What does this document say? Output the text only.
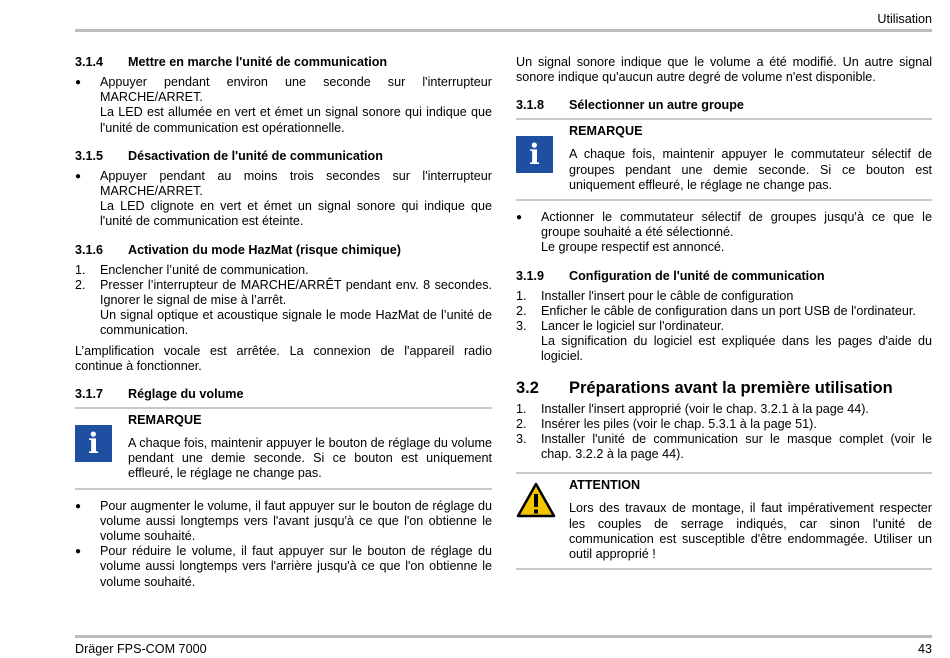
Utilisation
3.1.4	Mettre en marche l'unité de communication
●
Appuyer pendant environ une seconde sur l'interrupteur MARCHE/ARRET.
La LED est allumée en vert et émet un signal sonore qui indique que l'unité de communication est opérationnelle.
3.1.5	Désactivation de l'unité de communication
●
Appuyer pendant au moins trois secondes sur l'interrupteur MARCHE/ARRET.
La LED clignote en vert et émet un signal sonore qui indique que l'unité de communication est éteinte.
3.1.6	Activation du mode HazMat (risque chimique)
1.	Enclencher l’unité de communication.
2.	Presser l’interrupteur de MARCHE/ARRÊT pendant env. 8 secondes. Ignorer le signal de mise à l’arrêt.
Un signal optique et acoustique signale le mode HazMat de l’unité de communication.

L’amplification vocale est arrêtée. La connexion de l'appareil radio continue à fonctionner.

3.1.7	Réglage du volume
i
REMARQUE

A chaque fois, maintenir appuyer le bouton de réglage du volume pendant une demie seconde. Si ce bouton est uniquement effleuré, le réglage ne change pas.

●
Pour augmenter le volume, il faut appuyer sur le bouton de réglage du volume aussi longtemps vers l'avant jusqu'à ce que l'on obtienne le volume souhaité.
●
Pour réduire le volume, il faut appuyer sur le bouton de réglage du volume aussi longtemps vers l'arrière jusqu'à ce que l'on obtienne le volume souhaité.

Un signal sonore indique que le volume a été modifié. Un autre signal sonore indique qu'aucun autre degré de volume n'est disponible.

3.1.8	Sélectionner un autre groupe
i
REMARQUE

A chaque fois, maintenir appuyer le commutateur sélectif de groupes pendant une demie seconde. Si ce bouton est uniquement effleuré, le réglage ne change pas.

●
Actionner le commutateur sélectif de groupes jusqu'à ce que le groupe souhaité a été sélectionné.
Le groupe respectif est annoncé.
3.1.9	Configuration de l'unité de communication
1.	Installer l'insert pour le câble de configuration
2.	Enficher le câble de configuration dans un port USB de l'ordinateur.
3.	Lancer le logiciel sur l'ordinateur.
La signification du logiciel est expliquée dans les pages d'aide du logiciel.
3.2	Préparations avant la première utilisation
1.	Installer l'insert approprié (voir le chap. 3.2.1 à la page 44).
2.	Insérer les piles (voir le chap. 5.3.1 à la page 51).
3.	Installer l'unité de communication sur le masque complet (voir le chap. 3.2.2 à la page 44).
ATTENTION

Lors des travaux de montage, il faut impérativement respecter les couples de serrage indiqués, car sinon l'unité de communication est susceptible d'être endommagée. Utiliser un outil approprié !

Dräger FPS-COM 7000	43
